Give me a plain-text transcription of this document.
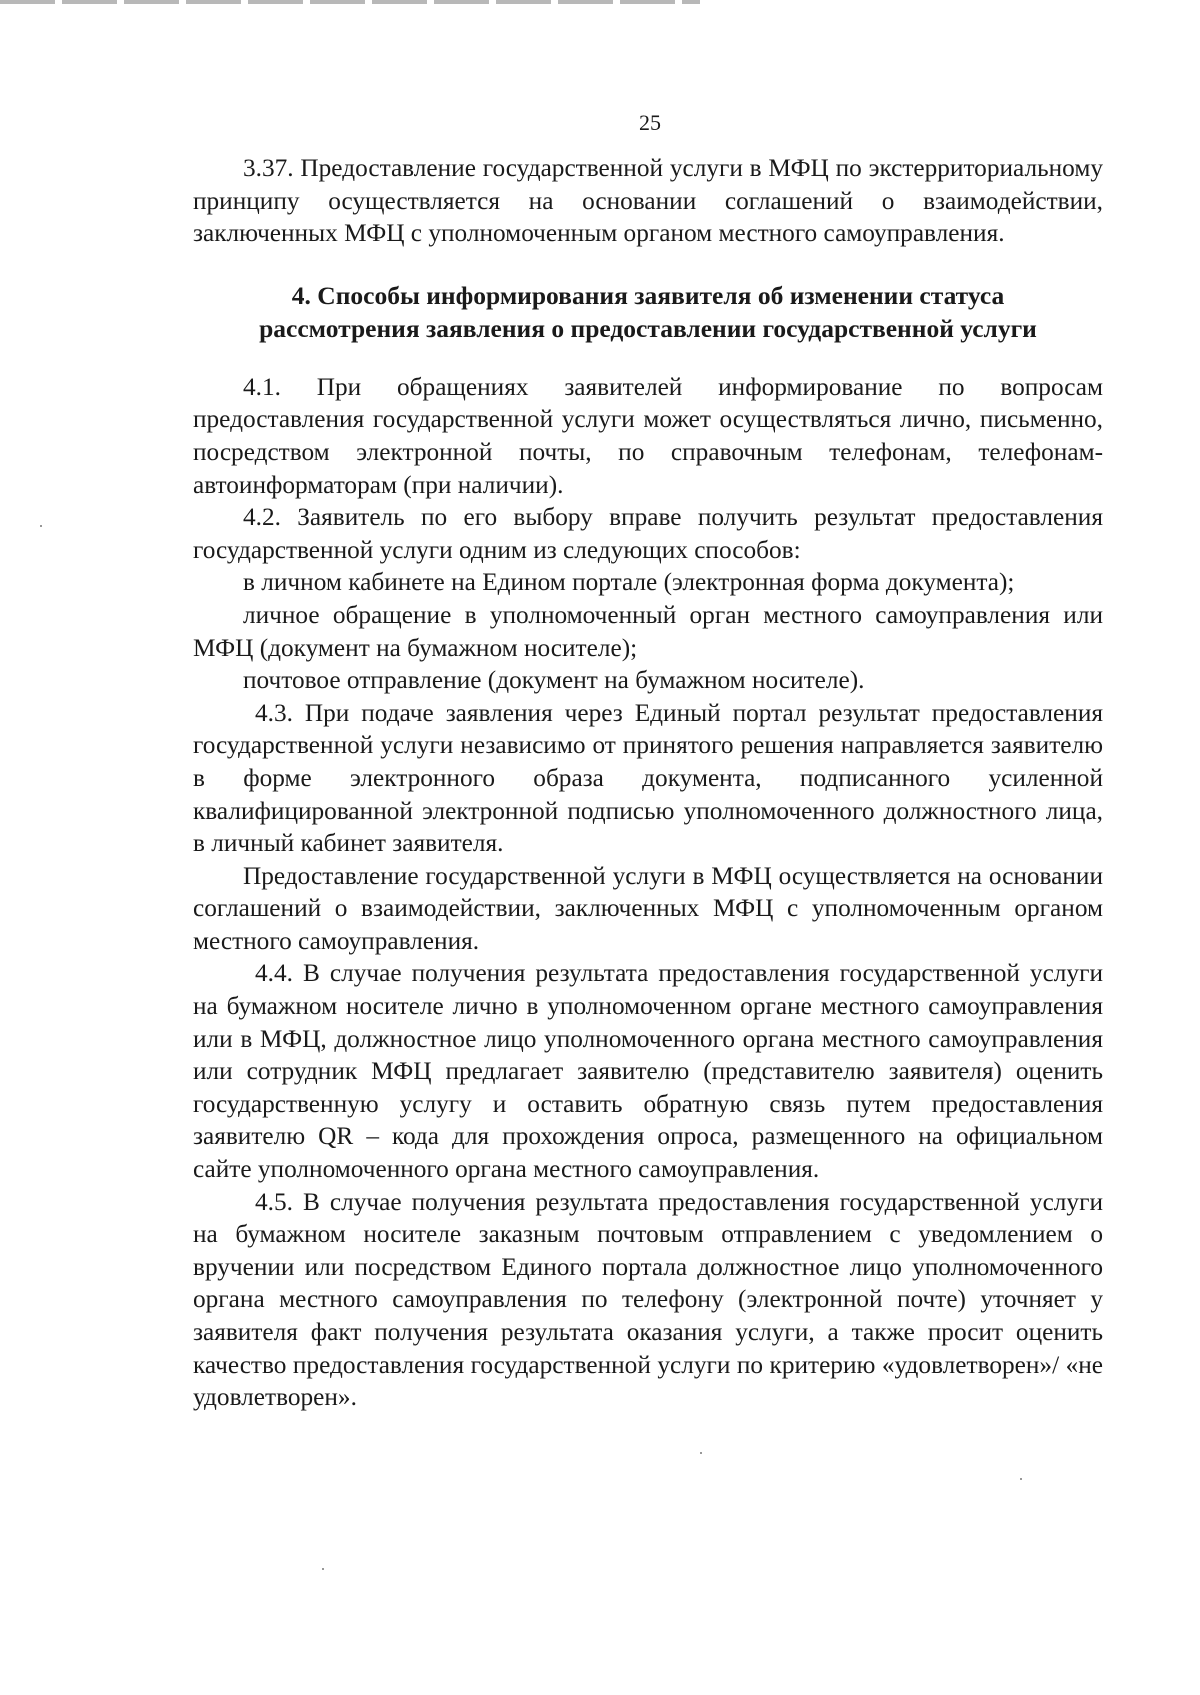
25

3.37. Предоставление государственной услуги в МФЦ по экстерриториальному принципу осуществляется на основании соглашений о взаимодействии, заключенных МФЦ с уполномоченным органом местного самоуправления.

4. Способы информирования заявителя об изменении статуса
рассмотрения заявления о предоставлении государственной услуги

4.1. При обращениях заявителей информирование по вопросам предоставления государственной услуги может осуществляться лично, письменно, посредством электронной почты, по справочным телефонам, телефонам-автоинформаторам (при наличии).

4.2. Заявитель по его выбору вправе получить результат предоставления государственной услуги одним из следующих способов:

в личном кабинете на Едином портале (электронная форма документа);

личное обращение в уполномоченный орган местного самоуправления или МФЦ (документ на бумажном носителе);

почтовое отправление (документ на бумажном носителе).

4.3. При подаче заявления через Единый портал результат предоставления государственной услуги независимо от принятого решения направляется заявителю в форме электронного образа документа, подписанного усиленной квалифицированной электронной подписью уполномоченного должностного лица, в личный кабинет заявителя.

Предоставление государственной услуги в МФЦ осуществляется на основании соглашений о взаимодействии, заключенных МФЦ с уполномоченным органом местного самоуправления.

4.4. В случае получения результата предоставления государственной услуги на бумажном носителе лично в уполномоченном органе местного самоуправления или в МФЦ, должностное лицо уполномоченного органа местного самоуправления или сотрудник МФЦ предлагает заявителю (представителю заявителя) оценить государственную услугу и оставить обратную связь путем предоставления заявителю QR – кода для прохождения опроса, размещенного на официальном сайте уполномоченного органа местного самоуправления.

4.5. В случае получения результата предоставления государственной услуги на бумажном носителе заказным почтовым отправлением с уведомлением о вручении или посредством Единого портала должностное лицо уполномоченного органа местного самоуправления по телефону (электронной почте) уточняет у заявителя факт получения результата оказания услуги, а также просит оценить качество предоставления государственной услуги по критерию «удовлетворен»/ «не удовлетворен».
